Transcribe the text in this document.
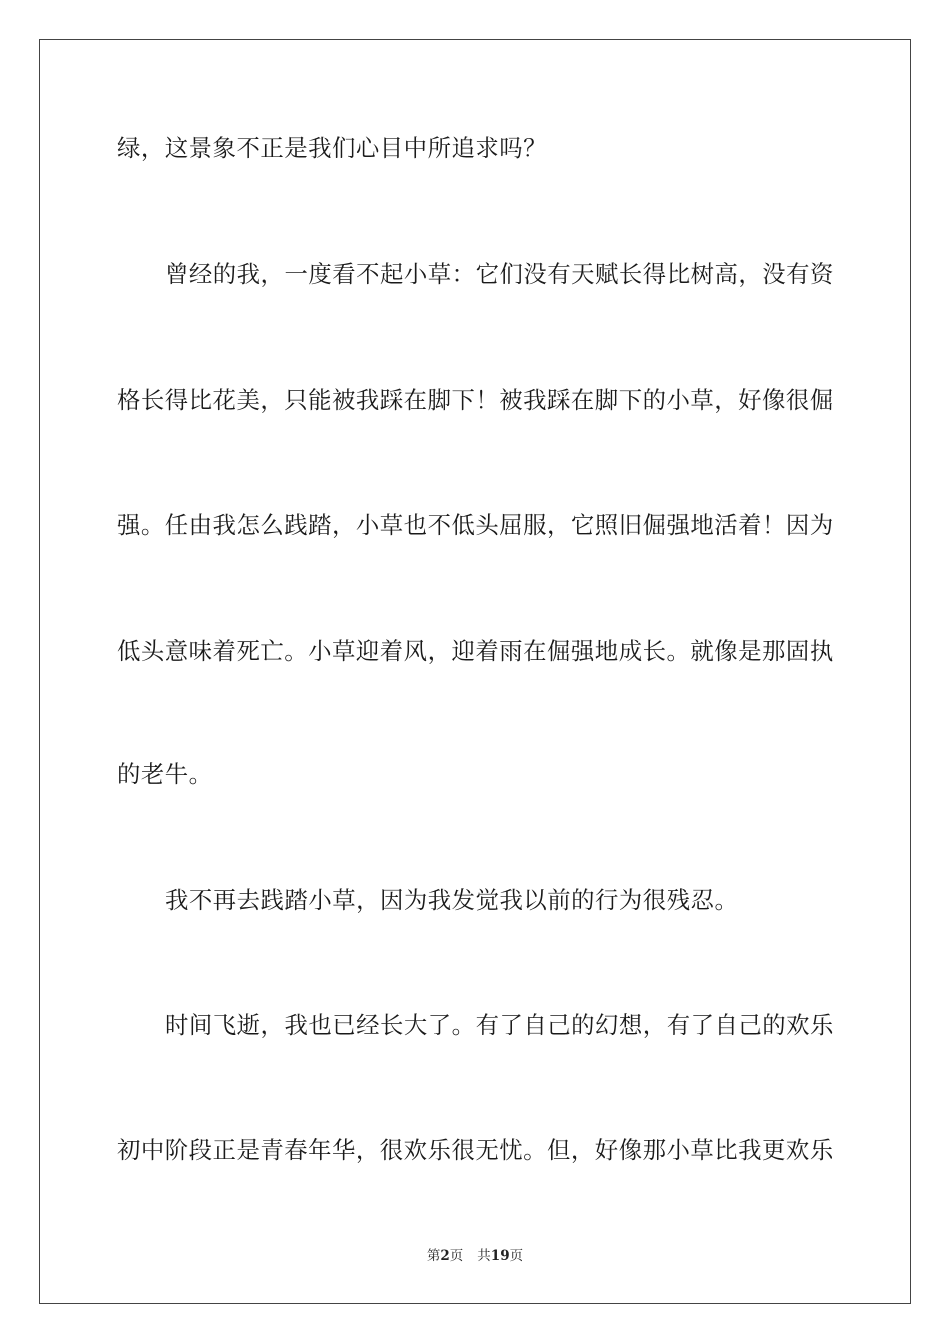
绿，这景象不正是我们心目中所追求吗？
曾经的我，一度看不起小草：它们没有天赋长得比树高，没有资
格长得比花美，只能被我踩在脚下！被我踩在脚下的小草，好像很倔
强。任由我怎么践踏，小草也不低头屈服，它照旧倔强地活着！因为
低头意味着死亡。小草迎着风，迎着雨在倔强地成长。就像是那固执
的老牛。
我不再去践踏小草，因为我发觉我以前的行为很残忍。
时间飞逝，我也已经长大了。有了自己的幻想，有了自己的欢乐
初中阶段正是青春年华，很欢乐很无忧。但，好像那小草比我更欢乐
第2页 共19页
